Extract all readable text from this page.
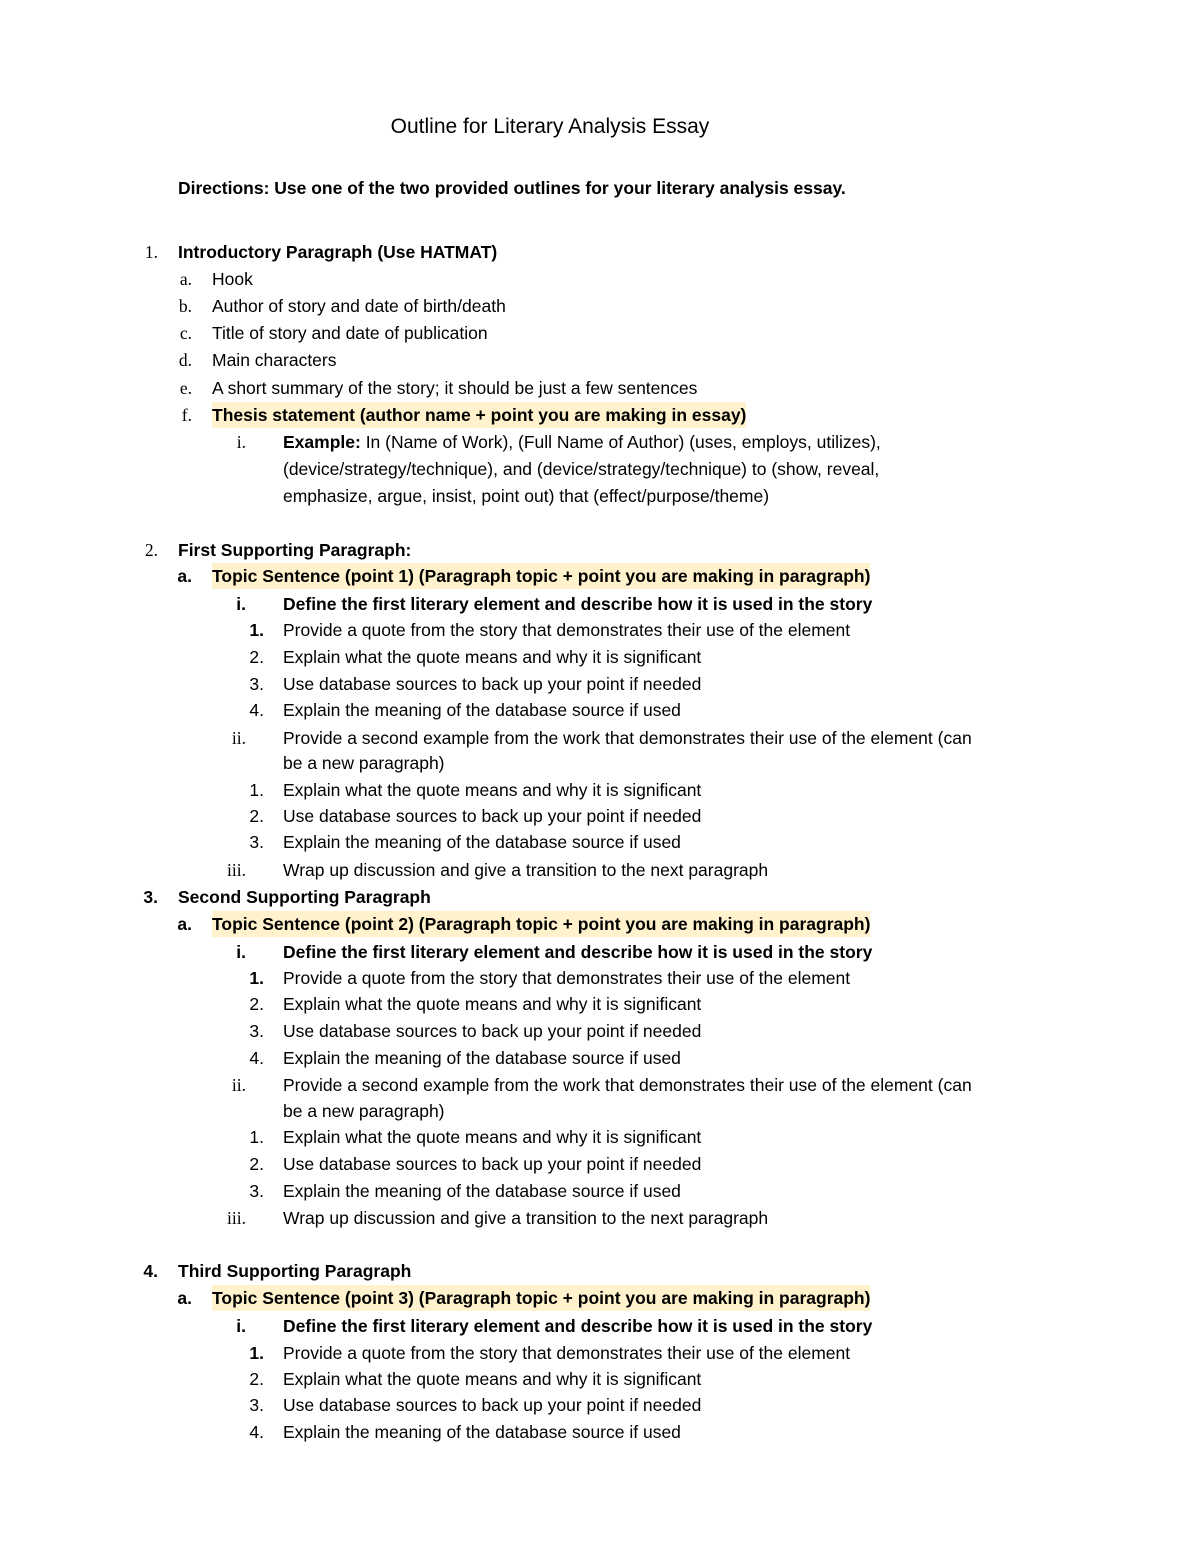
Outline for Literary Analysis Essay
Directions: Use one of the two provided outlines for your literary analysis essay.
1. Introductory Paragraph (Use HATMAT)
a. Hook
b. Author of story and date of birth/death
c. Title of story and date of publication
d. Main characters
e. A short summary of the story; it should be just a few sentences
f. Thesis statement (author name + point you are making in essay)
i. Example: In (Name of Work), (Full Name of Author) (uses, employs, utilizes),
(device/strategy/technique), and (device/strategy/technique) to (show, reveal,
emphasize, argue, insist, point out) that (effect/purpose/theme)
2. First Supporting Paragraph:
a. Topic Sentence (point 1) (Paragraph topic + point you are making in paragraph)
i. Define the first literary element and describe how it is used in the story
1. Provide a quote from the story that demonstrates their use of the element
2. Explain what the quote means and why it is significant
3. Use database sources to back up your point if needed
4. Explain the meaning of the database source if used
ii. Provide a second example from the work that demonstrates their use of the element (can
be a new paragraph)
1. Explain what the quote means and why it is significant
2. Use database sources to back up your point if needed
3. Explain the meaning of the database source if used
iii. Wrap up discussion and give a transition to the next paragraph
3. Second Supporting Paragraph
a. Topic Sentence (point 2) (Paragraph topic + point you are making in paragraph)
i. Define the first literary element and describe how it is used in the story
1. Provide a quote from the story that demonstrates their use of the element
2. Explain what the quote means and why it is significant
3. Use database sources to back up your point if needed
4. Explain the meaning of the database source if used
ii. Provide a second example from the work that demonstrates their use of the element (can
be a new paragraph)
1. Explain what the quote means and why it is significant
2. Use database sources to back up your point if needed
3. Explain the meaning of the database source if used
iii. Wrap up discussion and give a transition to the next paragraph
4. Third Supporting Paragraph
a. Topic Sentence (point 3) (Paragraph topic + point you are making in paragraph)
i. Define the first literary element and describe how it is used in the story
1. Provide a quote from the story that demonstrates their use of the element
2. Explain what the quote means and why it is significant
3. Use database sources to back up your point if needed
4. Explain the meaning of the database source if used
